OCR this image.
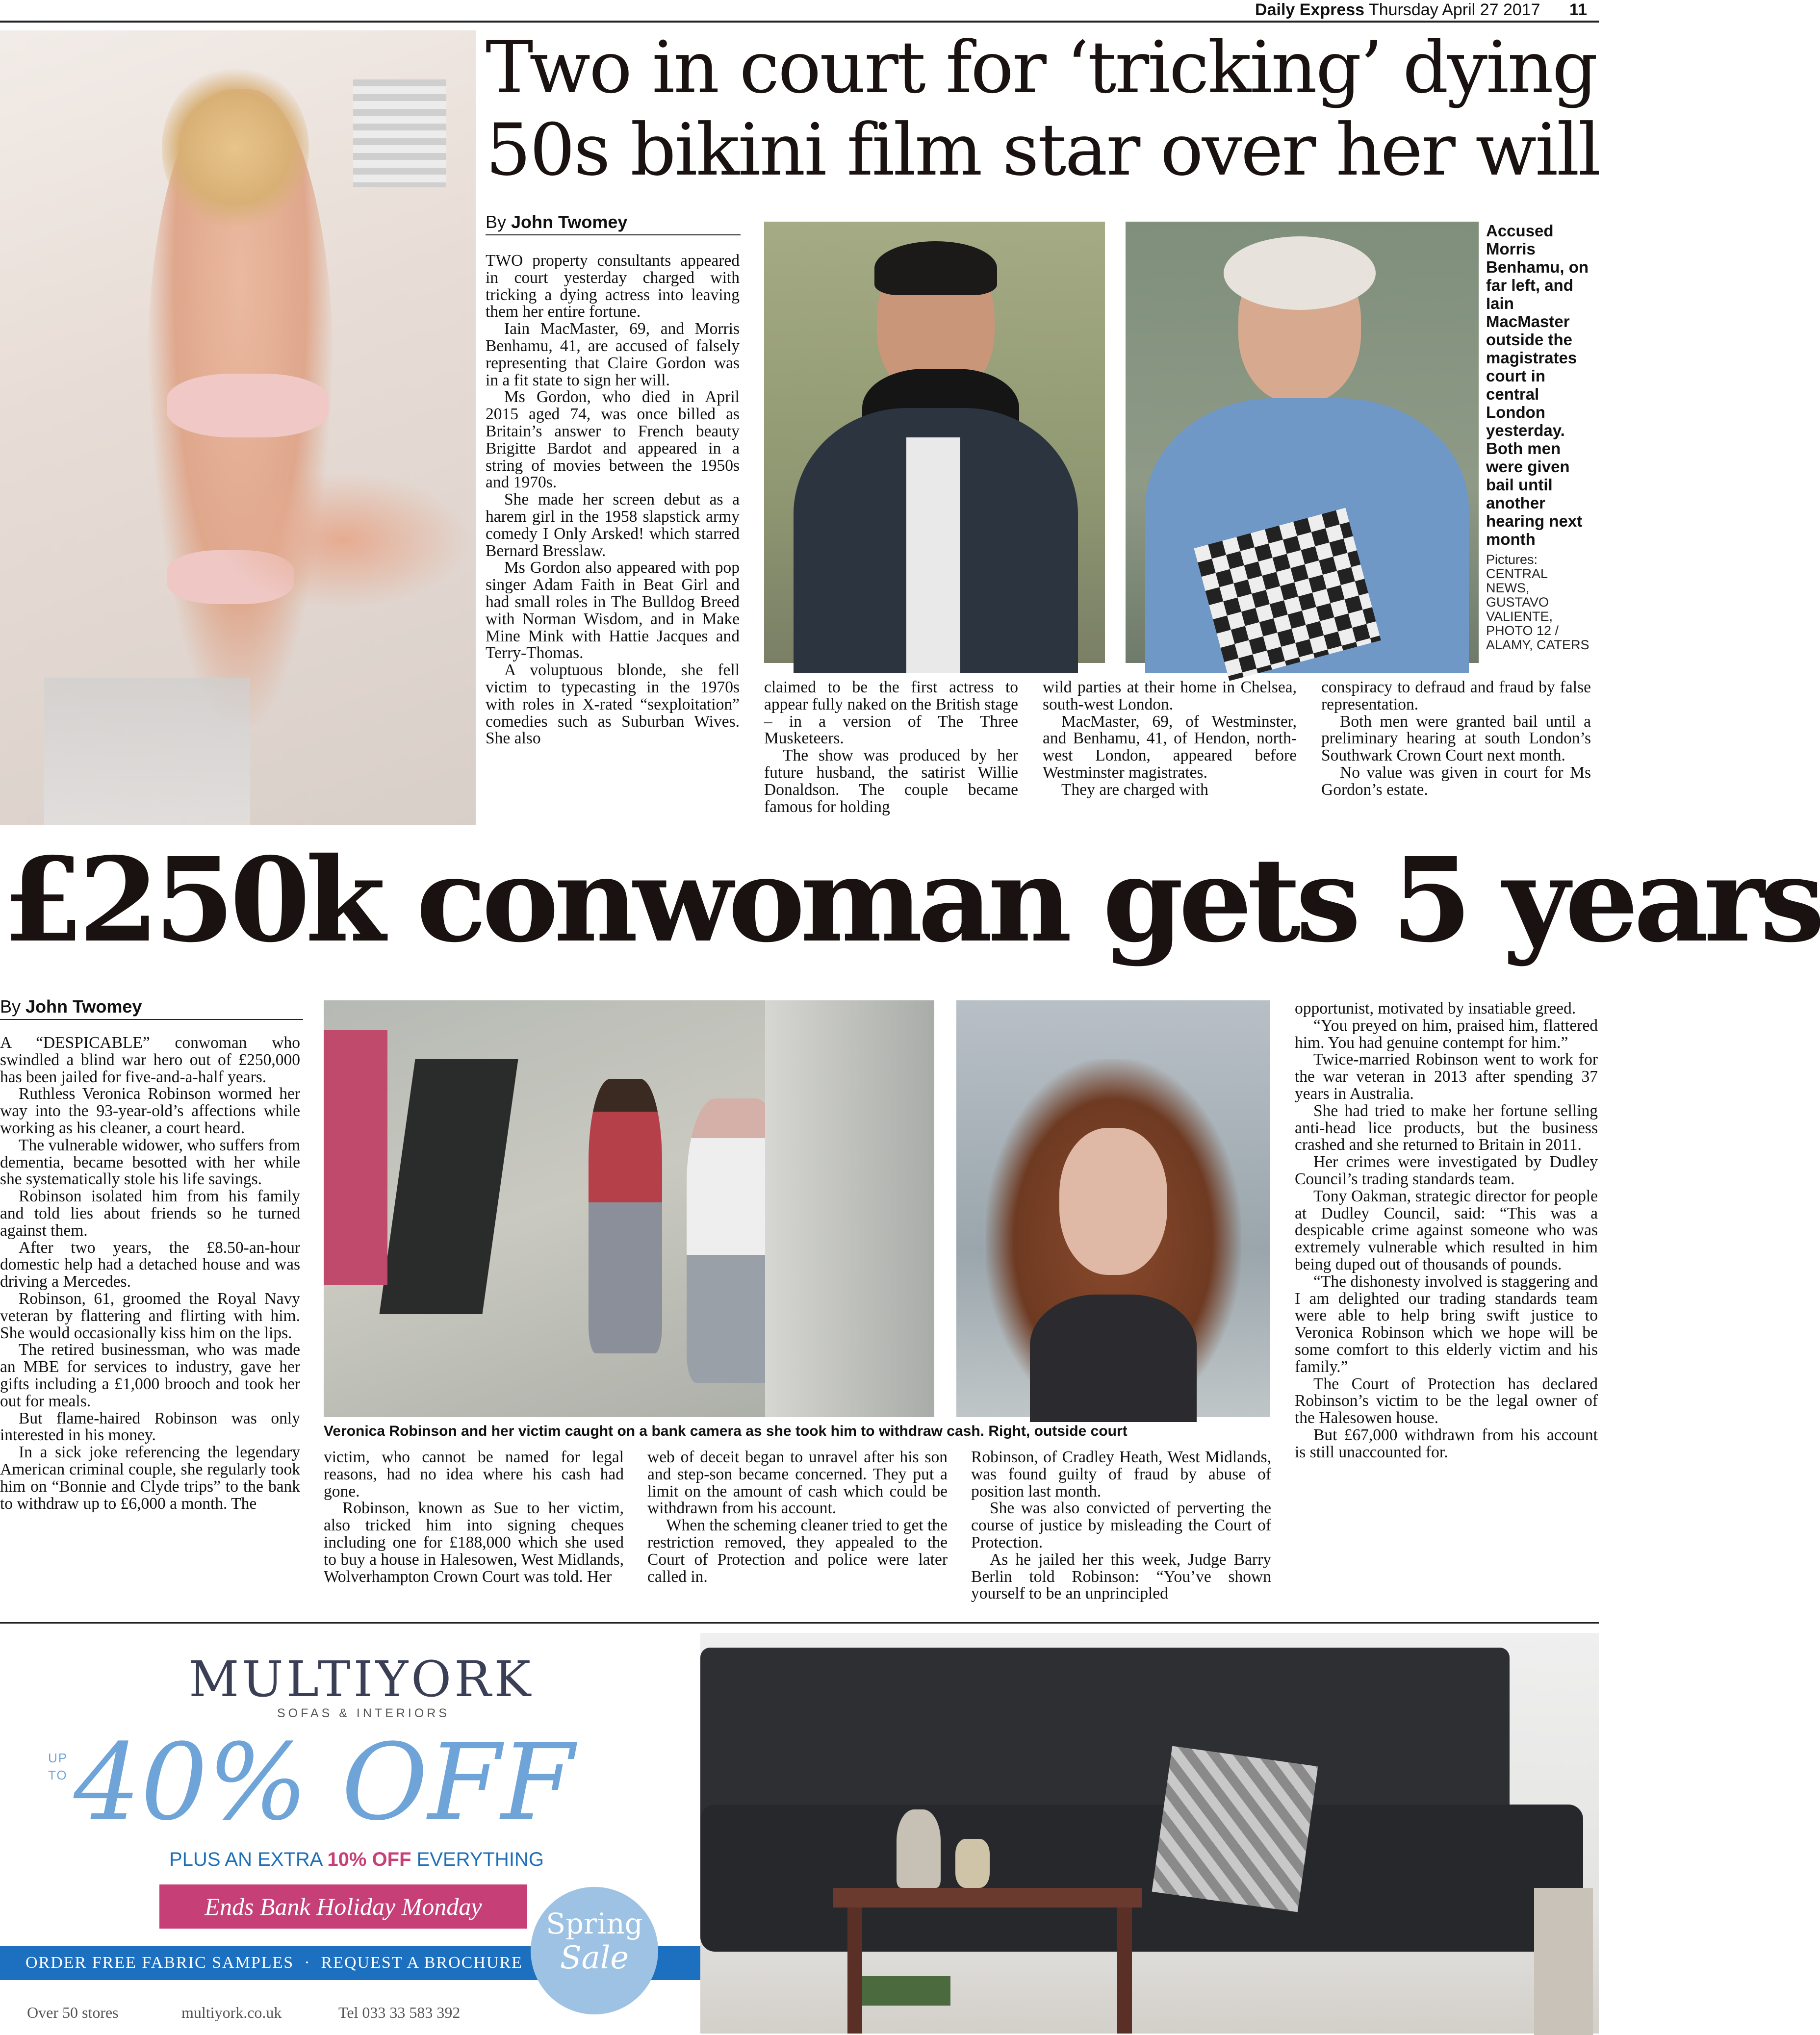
Daily Express Thursday April 27 2017 11
Two in court for ‘tricking’ dying
50s bikini film star over her will
By John Twomey

TWO property consultants appeared in court yesterday charged with tricking a dying actress into leaving them her entire fortune.

Iain MacMaster, 69, and Morris Benhamu, 41, are accused of falsely representing that Claire Gordon was in a fit state to sign her will.

Ms Gordon, who died in April 2015 aged 74, was once billed as Britain’s answer to French beauty Brigitte Bardot and appeared in a string of movies between the 1950s and 1970s.

She made her screen debut as a harem girl in the 1958 slapstick army comedy I Only Arsked! which starred Bernard Bresslaw.

Ms Gordon also appeared with pop singer Adam Faith in Beat Girl and had small roles in The Bulldog Breed with Norman Wisdom, and in Make Mine Mink with Hattie Jacques and Terry-Thomas.

A voluptuous blonde, she fell victim to typecasting in the 1970s with roles in X-rated “sexploitation” comedies such as Suburban Wives. She also

Accused Morris Benhamu, on far left, and Iain MacMaster outside the magistrates court in central London yesterday. Both men were given bail until another hearing next month
Pictures: CENTRAL NEWS, GUSTAVO VALIENTE, PHOTO 12 / ALAMY, CATERS

claimed to be the first actress to appear fully naked on the British stage – in a version of The Three Musketeers.

The show was produced by her future husband, the satirist Willie Donaldson. The couple became famous for holding

wild parties at their home in Chelsea, south-west London.

MacMaster, 69, of Westminster, and Benhamu, 41, of Hendon, north-west London, appeared before Westminster magistrates.

They are charged with

conspiracy to defraud and fraud by false representation.

Both men were granted bail until a preliminary hearing at south London’s Southwark Crown Court next month.

No value was given in court for Ms Gordon’s estate.

£250k conwoman gets 5 years
By John Twomey

A “DESPICABLE” conwoman who swindled a blind war hero out of £250,000 has been jailed for five-and-a-half years.

Ruthless Veronica Robinson wormed her way into the 93-year-old’s affections while working as his cleaner, a court heard.

The vulnerable widower, who suffers from dementia, became besotted with her while she systematically stole his life savings.

Robinson isolated him from his family and told lies about friends so he turned against them.

After two years, the £8.50-an-hour domestic help had a detached house and was driving a Mercedes.

Robinson, 61, groomed the Royal Navy veteran by flattering and flirting with him. She would occasionally kiss him on the lips.

The retired businessman, who was made an MBE for services to industry, gave her gifts including a £1,000 brooch and took her out for meals.

But flame-haired Robinson was only interested in his money.

In a sick joke referencing the legendary American criminal couple, she regularly took him on “Bonnie and Clyde trips” to the bank to withdraw up to £6,000 a month. The

Veronica Robinson and her victim caught on a bank camera as she took him to withdraw cash. Right, outside court

victim, who cannot be named for legal reasons, had no idea where his cash had gone.

Robinson, known as Sue to her victim, also tricked him into signing cheques including one for £188,000 which she used to buy a house in Halesowen, West Midlands, Wolverhampton Crown Court was told. Her

web of deceit began to unravel after his son and step-son became concerned. They put a limit on the amount of cash which could be withdrawn from his account.

When the scheming cleaner tried to get the restriction removed, they appealed to the Court of Protection and police were later called in.

Robinson, of Cradley Heath, West Midlands, was found guilty of fraud by abuse of position last month.

She was also convicted of perverting the course of justice by misleading the Court of Protection.

As he jailed her this week, Judge Barry Berlin told Robinson: “You’ve shown yourself to be an unprincipled

opportunist, motivated by insatiable greed.

“You preyed on him, praised him, flattered him. You had genuine contempt for him.”

Twice-married Robinson went to work for the war veteran in 2013 after spending 37 years in Australia.

She had tried to make her fortune selling anti-head lice products, but the business crashed and she returned to Britain in 2011.

Her crimes were investigated by Dudley Council’s trading standards team.

Tony Oakman, strategic director for people at Dudley Council, said: “This was a despicable crime against someone who was extremely vulnerable which resulted in him being duped out of thousands of pounds.

“The dishonesty involved is staggering and I am delighted our trading standards team were able to help bring swift justice to Veronica Robinson which we hope will be some comfort to this elderly victim and his family.”

The Court of Protection has declared Robinson’s victim to be the legal owner of the Halesowen house.

But £67,000 withdrawn from his account is still unaccounted for.

MULTIYORK
SOFAS & INTERIORS
UP
TO 40% OFF
PLUS AN EXTRA 10% OFF EVERYTHING
Ends Bank Holiday Monday
ORDER FREE FABRIC SAMPLES  ·  REQUEST A BROCHURE
Spring
Sale
Over 50 stores	multiyork.co.uk	Tel 033 33 583 392
